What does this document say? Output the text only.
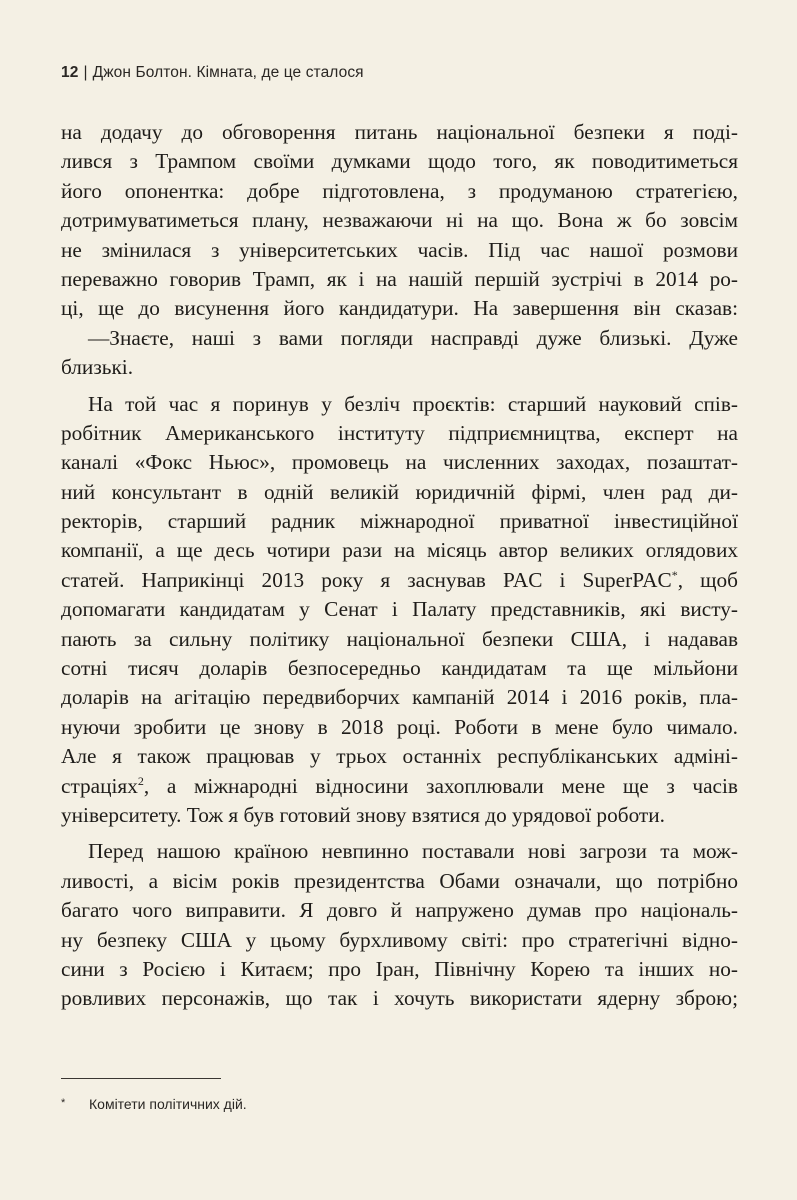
12 | Джон Болтон. Кімната, де це сталося
на додачу до обговорення питань національної безпеки я поді-
лився з Трампом своїми думками щодо того, як поводитиметься
його опонентка: добре підготовлена, з продуманою стратегією,
дотримуватиметься плану, незважаючи ні на що. Вона ж бо зовсім
не змінилася з університетських часів. Під час нашої розмови
переважно говорив Трамп, як і на нашій першій зустрічі в 2014 ро-
ці, ще до висунення його кандидатури. На завершення він сказав:
—Знаєте, наші з вами погляди насправді дуже близькі. Дуже
близькі.
На той час я поринув у безліч проєктів: старший науковий спів-
робітник Американського інституту підприємництва, експерт на
каналі «Фокс Ньюс», промовець на численних заходах, позаштат-
ний консультант в одній великій юридичній фірмі, член рад ди-
ректорів, старший радник міжнародної приватної інвестиційної
компанії, а ще десь чотири рази на місяць автор великих оглядових
статей. Наприкінці 2013 року я заснував PAC і SuperPAC*, щоб
допомагати кандидатам у Сенат і Палату представників, які висту-
пають за сильну політику національної безпеки США, і надавав
сотні тисяч доларів безпосередньо кандидатам та ще мільйони
доларів на агітацію передвиборчих кампаній 2014 і 2016 років, пла-
нуючи зробити це знову в 2018 році. Роботи в мене було чимало.
Але я також працював у трьох останніх республіканських адміні-
страціях$^2$, а міжнародні відносини захоплювали мене ще з часів
університету. Тож я був готовий знову взятися до урядової роботи.
Перед нашою країною невпинно поставали нові загрози та мож-
ливості, а вісім років президентства Обами означали, що потрібно
багато чого виправити. Я довго й напружено думав про національ-
ну безпеку США у цьому бурхливому світі: про стратегічні відно-
сини з Росією і Китаєм; про Іран, Північну Корею та інших но-
ровливих персонажів, що так і хочуть використати ядерну зброю;
* Комітети політичних дій.
